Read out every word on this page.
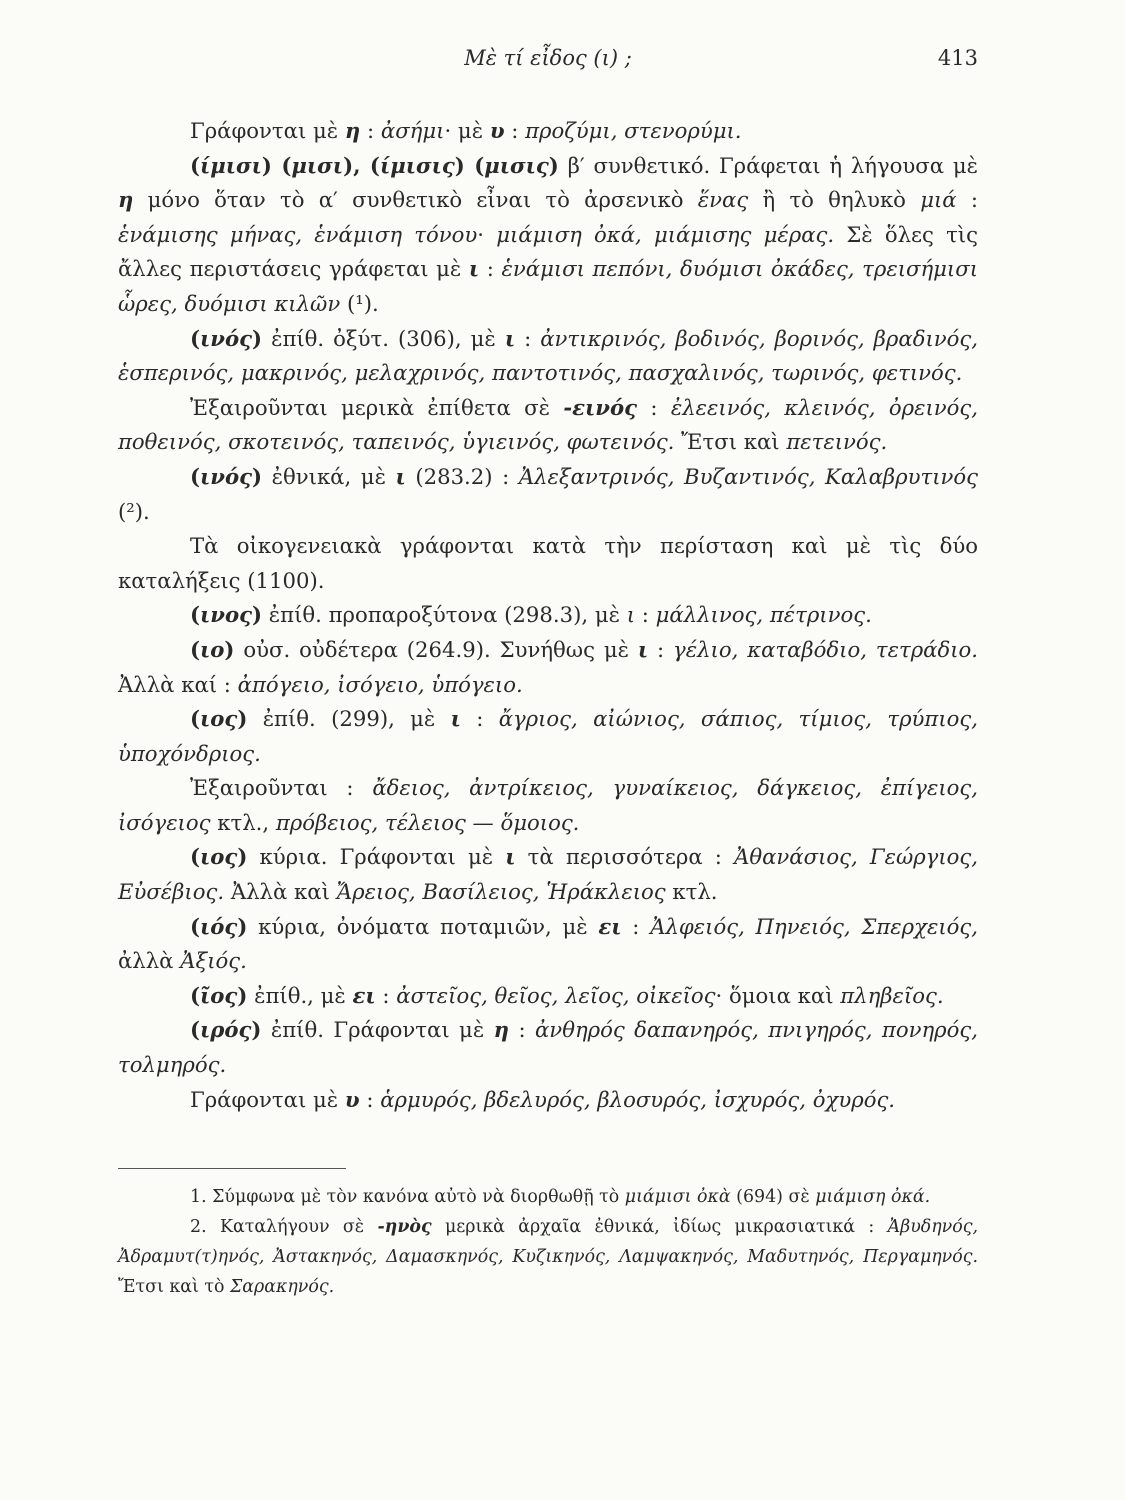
Μὲ τί εἶδος (ι) ;	413

Γράφονται μὲ η : ἀσήμι· μὲ υ : προζύμι, στενορύμι.

(ίμισι) (μισι), (ίμισις) (μισις) β′ συνθετικό. Γράφεται ἡ λήγουσα μὲ η μόνο ὅταν τὸ α′ συνθετικὸ εἶναι τὸ ἀρσενικὸ ἕνας ἢ τὸ θηλυκὸ μιά : ἑνάμισης μήνας, ἑνάμιση τόνου· μιάμιση ὀκά, μιάμισης μέρας. Σὲ ὅλες τὶς ἄλλες περιστάσεις γράφεται μὲ ι : ἑνάμισι πεπόνι, δυόμισι ὀκάδες, τρεισήμισι ὧρες, δυόμισι κιλῶν (¹).

(ινός) ἐπίθ. ὀξύτ. (306), μὲ ι : ἀντικρινός, βοδινός, βορινός, βραδινός, ἑσπερινός, μακρινός, μελαχρινός, παντοτινός, πασχαλινός, τωρινός, φετινός.

Ἐξαιροῦνται μερικὰ ἐπίθετα σὲ -εινός : ἐλεεινός, κλεινός, ὀρεινός, ποθεινός, σκοτεινός, ταπεινός, ὑγιεινός, φωτεινός. Ἔτσι καὶ πετεινός.

(ινός) ἐθνικά, μὲ ι (283.2) : Ἀλεξαντρινός, Βυζαντινός, Καλαβρυτινός (²).

Τὰ οἰκογενειακὰ γράφονται κατὰ τὴν περίσταση καὶ μὲ τὶς δύο καταλήξεις (1100).

(ινος) ἐπίθ. προπαροξύτονα (298.3), μὲ ι : μάλλινος, πέτρινος.

(ιο) οὐσ. οὐδέτερα (264.9). Συνήθως μὲ ι : γέλιο, καταβόδιο, τετράδιο. Ἀλλὰ καί : ἀπόγειο, ἰσόγειο, ὑπόγειο.

(ιος) ἐπίθ. (299), μὲ ι : ἄγριος, αἰώνιος, σάπιος, τίμιος, τρύπιος, ὑποχόνδριος.

Ἐξαιροῦνται : ἄδειος, ἀντρίκειος, γυναίκειος, δάγκειος, ἐπίγειος, ἰσόγειος κτλ., πρόβειος, τέλειος — ὅμοιος.

(ιος) κύρια. Γράφονται μὲ ι τὰ περισσότερα : Ἀθανάσιος, Γεώργιος, Εὐσέβιος. Ἀλλὰ καὶ Ἄρειος, Βασίλειος, Ἡράκλειος κτλ.

(ιός) κύρια, ὀνόματα ποταμιῶν, μὲ ει : Ἀλφειός, Πηνειός, Σπερχειός, ἀλλὰ Ἀξιός.

(ῖος) ἐπίθ., μὲ ει : ἀστεῖος, θεῖος, λεῖος, οἰκεῖος· ὅμοια καὶ πληβεῖος.

(ιρός) ἐπίθ. Γράφονται μὲ η : ἀνθηρός δαπανηρός, πνιγηρός, πονηρός, τολμηρός.

Γράφονται μὲ υ : ἁρμυρός, βδελυρός, βλοσυρός, ἰσχυρός, ὀχυρός.

1. Σύμφωνα μὲ τὸν κανόνα αὐτὸ νὰ διορθωθῇ τὸ μιάμισι ὀκὰ (694) σὲ μιάμιση ὀκά.

2. Καταλήγουν σὲ -ηνὸς μερικὰ ἀρχαῖα ἐθνικά, ἰδίως μικρασιατικά : Ἀβυδηνός, Ἀδραμυτ(τ)ηνός, Ἀστακηνός, Δαμασκηνός, Κυζικηνός, Λαμψακηνός, Μαδυτηνός, Περγαμηνός. Ἔτσι καὶ τὸ Σαρακηνός.
